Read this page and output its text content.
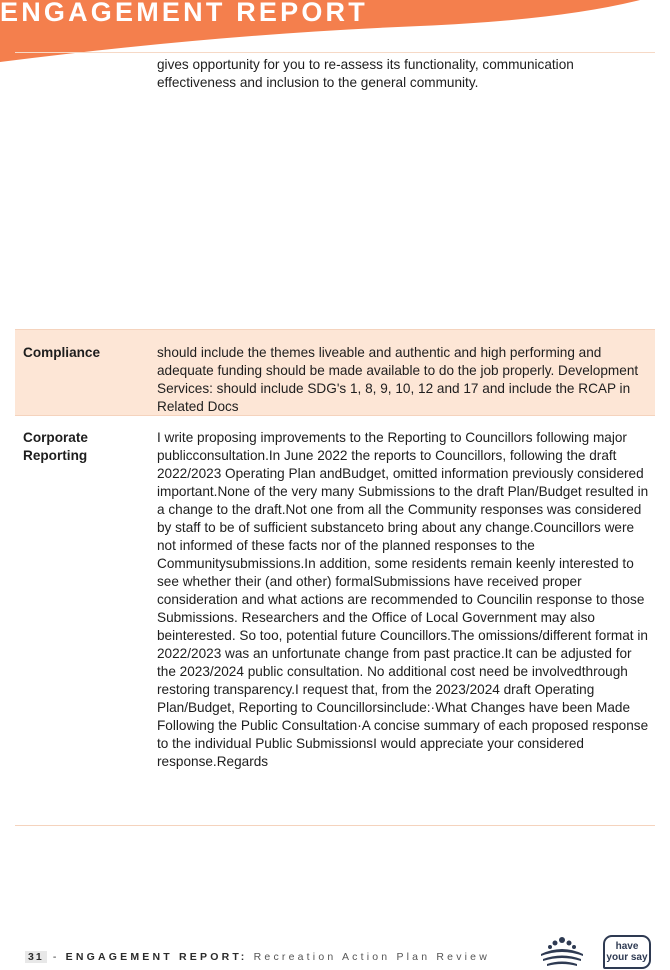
ENGAGEMENT REPORT
gives opportunity for you to re-assess its functionality, communication effectiveness and inclusion to the general community.
Compliance	should include the themes liveable and authentic and high performing and adequate funding should be made available to do the job properly. Development Services: should include SDG's 1, 8, 9, 10, 12 and 17 and include the RCAP in Related Docs
Corporate Reporting
I write proposing improvements to the Reporting to Councillors following major publicconsultation.In June 2022 the reports to Councillors, following the draft 2022/2023 Operating Plan andBudget, omitted information previously considered important.None of the very many Submissions to the draft Plan/Budget resulted in a change to the draft.Not one from all the Community responses was considered by staff to be of sufficient substanceto bring about any change.Councillors were not informed of these facts nor of the planned responses to the Communitysubmissions.In addition, some residents remain keenly interested to see whether their (and other) formalSubmissions have received proper consideration and what actions are recommended to Councilin response to those Submissions. Researchers and the Office of Local Government may also beinterested. So too, potential future Councillors.The omissions/different format in 2022/2023 was an unfortunate change from past practice.It can be adjusted for the 2023/2024 public consultation. No additional cost need be involvedthrough restoring transparency.I request that, from the 2023/2024 draft Operating Plan/Budget, Reporting to Councillorsinclude:·What Changes have been Made Following the Public Consultation·A concise summary of each proposed response to the individual Public SubmissionsI would appreciate your considered response.Regards
31 - ENGAGEMENT REPORT: Recreation Action Plan Review
have
your say
